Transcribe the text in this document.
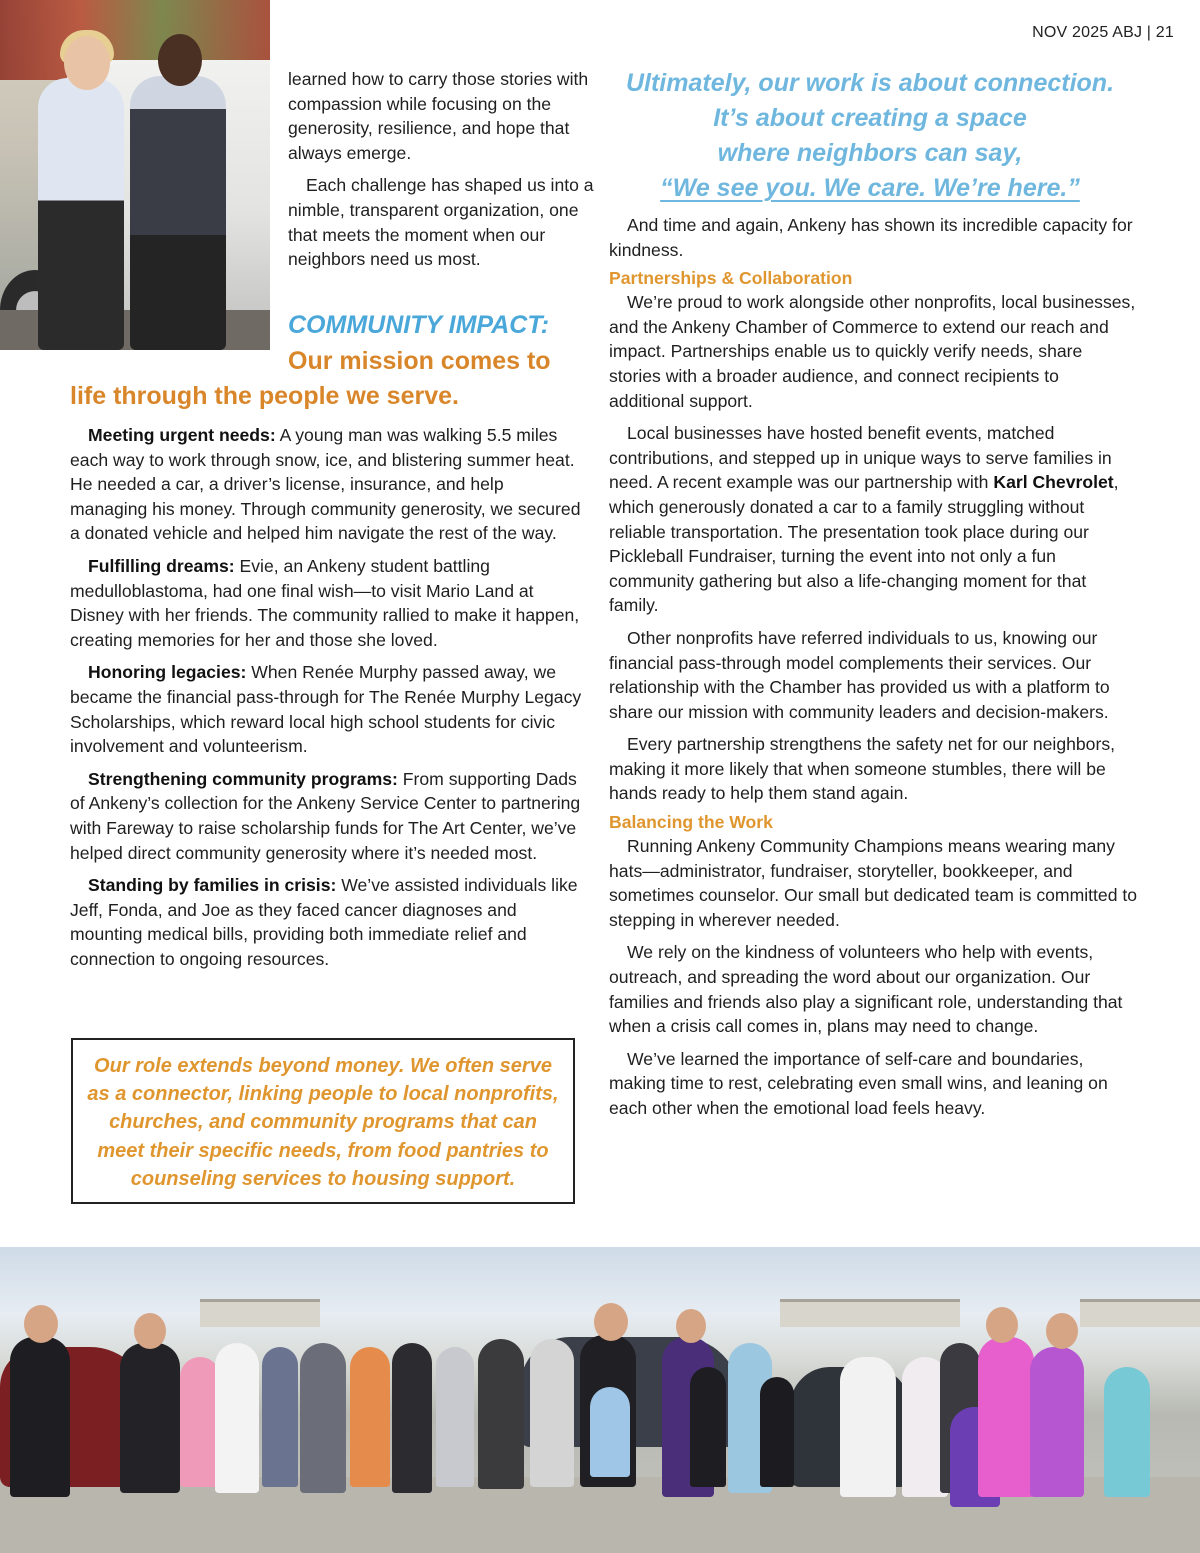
NOV 2025 ABJ | 21

learned how to carry those stories with compassion while focusing on the generosity, resilience, and hope that always emerge.

Each challenge has shaped us into a nimble, transparent organization, one that meets the moment when our neighbors need us most.

COMMUNITY IMPACT:
Our mission comes to
life through the people we serve.

Meeting urgent needs: A young man was walking 5.5 miles each way to work through snow, ice, and blistering summer heat. He needed a car, a driver’s license, insurance, and help managing his money. Through community generosity, we secured a donated vehicle and helped him navigate the rest of the way.

Fulfilling dreams: Evie, an Ankeny student battling medulloblastoma, had one final wish—to visit Mario Land at Disney with her friends. The community rallied to make it happen, creating memories for her and those she loved.

Honoring legacies: When Renée Murphy passed away, we became the financial pass-through for The Renée Murphy Legacy Scholarships, which reward local high school students for civic involvement and volunteerism.

Strengthening community programs: From supporting Dads of Ankeny’s collection for the Ankeny Service Center to partnering with Fareway to raise scholarship funds for The Art Center, we’ve helped direct community generosity where it’s needed most.

Standing by families in crisis: We’ve assisted individuals like Jeff, Fonda, and Joe as they faced cancer diagnoses and mounting medical bills, providing both immediate relief and connection to ongoing resources.

Our role extends beyond money. We often serve as a connector, linking people to local nonprofits, churches, and community programs that can meet their specific needs, from food pantries to counseling services to housing support.
Ultimately, our work is about connection.
It’s about creating a space
where neighbors can say,
“We see you. We care. We’re here.”

And time and again, Ankeny has shown its incredible capacity for kindness.

Partnerships & Collaboration

We’re proud to work alongside other nonprofits, local businesses, and the Ankeny Chamber of Commerce to extend our reach and impact. Partnerships enable us to quickly verify needs, share stories with a broader audience, and connect recipients to additional support.

Local businesses have hosted benefit events, matched contributions, and stepped up in unique ways to serve families in need. A recent example was our partnership with Karl Chevrolet, which generously donated a car to a family struggling without reliable transportation. The presentation took place during our Pickleball Fundraiser, turning the event into not only a fun community gathering but also a life-changing moment for that family.

Other nonprofits have referred individuals to us, knowing our financial pass-through model complements their services. Our relationship with the Chamber has provided us with a platform to share our mission with community leaders and decision-makers.

Every partnership strengthens the safety net for our neighbors, making it more likely that when someone stumbles, there will be hands ready to help them stand again.

Balancing the Work

Running Ankeny Community Champions means wearing many hats—administrator, fundraiser, storyteller, bookkeeper, and sometimes counselor. Our small but dedicated team is committed to stepping in wherever needed.

We rely on the kindness of volunteers who help with events, outreach, and spreading the word about our organization. Our families and friends also play a significant role, understanding that when a crisis call comes in, plans may need to change.

We’ve learned the importance of self-care and boundaries, making time to rest, celebrating even small wins, and leaning on each other when the emotional load feels heavy.
